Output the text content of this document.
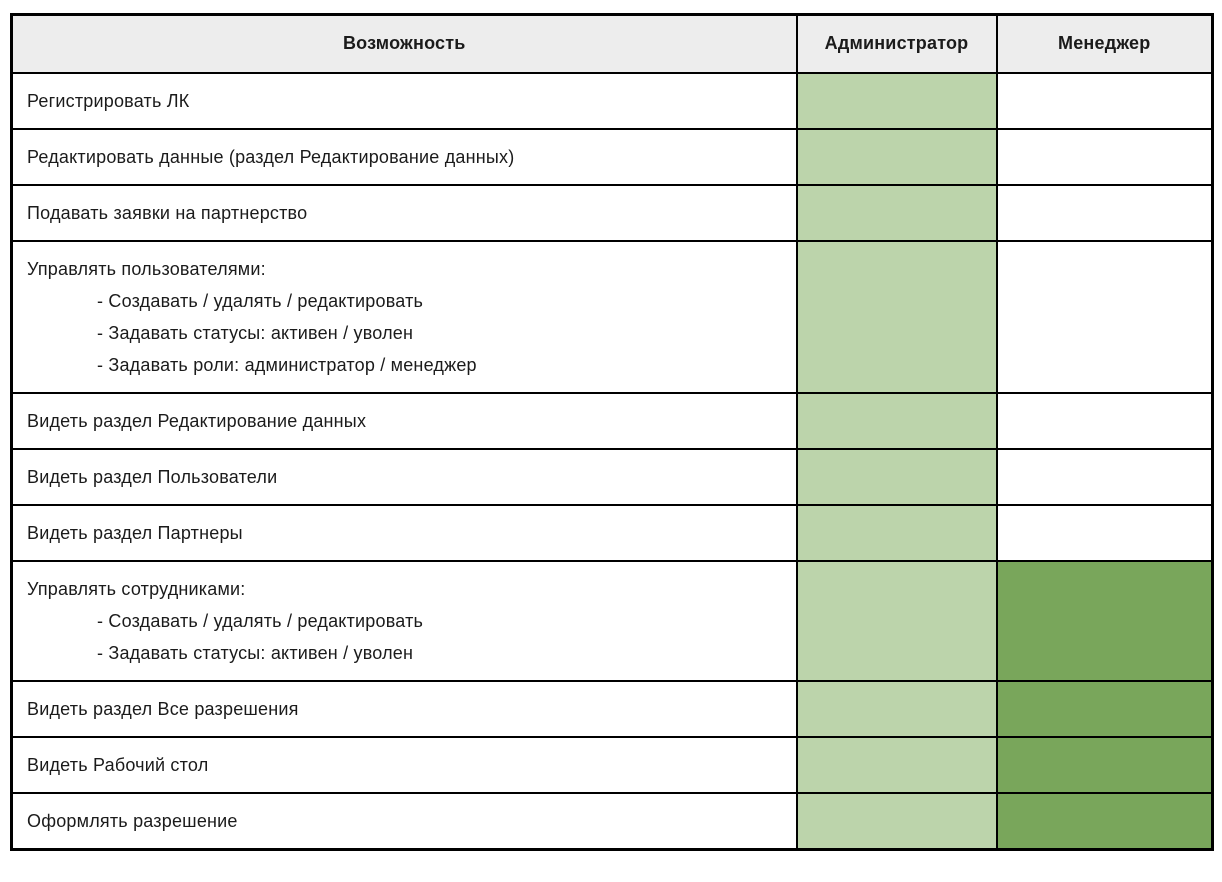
Возможность	Администратор	Менеджер

Регистрировать ЛК		

Редактировать данные (раздел Редактирование данных)		

Подавать заявки на партнерство		

Управлять пользователями:
- Создавать / удалять / редактировать
- Задавать статусы: активен / уволен
- Задавать роли: администратор / менеджер		

Видеть раздел Редактирование данных		

Видеть раздел Пользователи		

Видеть раздел Партнеры		

Управлять сотрудниками:
- Создавать / удалять / редактировать
- Задавать статусы: активен / уволен		

Видеть раздел Все разрешения		

Видеть Рабочий стол		

Оформлять разрешение		
